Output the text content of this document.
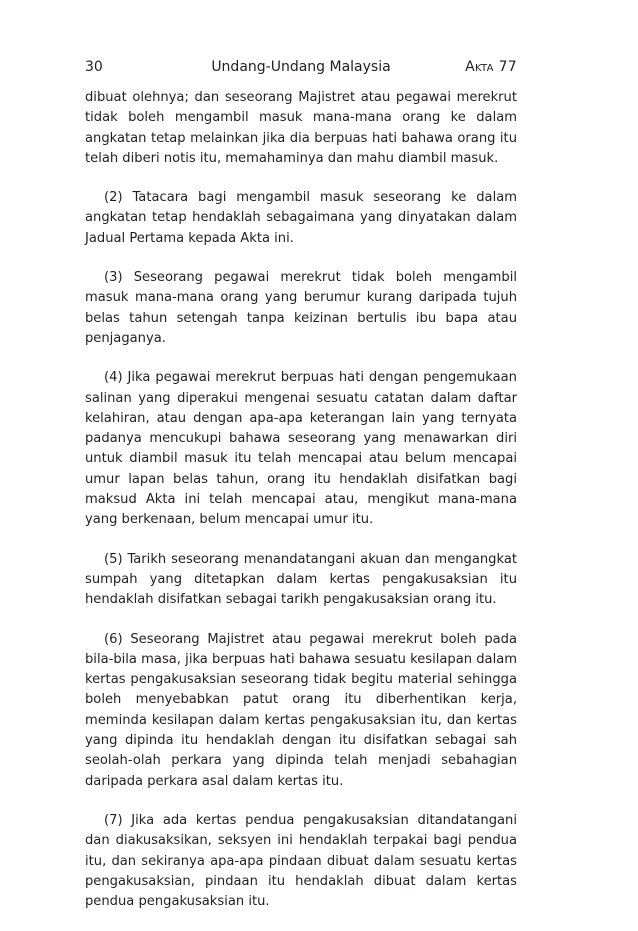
30	Undang-Undang Malaysia	Akta 77

dibuat olehnya; dan seseorang Majistret atau pegawai merekrut tidak boleh mengambil masuk mana-mana orang ke dalam angkatan tetap melainkan jika dia berpuas hati bahawa orang itu telah diberi notis itu, memahaminya dan mahu diambil masuk.

(2) Tatacara bagi mengambil masuk seseorang ke dalam angkatan tetap hendaklah sebagaimana yang dinyatakan dalam Jadual Pertama kepada Akta ini.

(3) Seseorang pegawai merekrut tidak boleh mengambil masuk mana-mana orang yang berumur kurang daripada tujuh belas tahun setengah tanpa keizinan bertulis ibu bapa atau penjaganya.

(4) Jika pegawai merekrut berpuas hati dengan pengemukaan salinan yang diperakui mengenai sesuatu catatan dalam daftar kelahiran, atau dengan apa-apa keterangan lain yang ternyata padanya mencukupi bahawa seseorang yang menawarkan diri untuk diambil masuk itu telah mencapai atau belum mencapai umur lapan belas tahun, orang itu hendaklah disifatkan bagi maksud Akta ini telah mencapai atau, mengikut mana-mana yang berkenaan, belum mencapai umur itu.

(5) Tarikh seseorang menandatangani akuan dan mengangkat sumpah yang ditetapkan dalam kertas pengakusaksian itu hendaklah disifatkan sebagai tarikh pengakusaksian orang itu.

(6) Seseorang Majistret atau pegawai merekrut boleh pada bila-bila masa, jika berpuas hati bahawa sesuatu kesilapan dalam kertas pengakusaksian seseorang tidak begitu material sehingga boleh menyebabkan patut orang itu diberhentikan kerja, meminda kesilapan dalam kertas pengakusaksian itu, dan kertas yang dipinda itu hendaklah dengan itu disifatkan sebagai sah seolah-olah perkara yang dipinda telah menjadi sebahagian daripada perkara asal dalam kertas itu.

(7) Jika ada kertas pendua pengakusaksian ditandatangani dan diakusaksikan, seksyen ini hendaklah terpakai bagi pendua itu, dan sekiranya apa-apa pindaan dibuat dalam sesuatu kertas pengakusaksian, pindaan itu hendaklah dibuat dalam kertas pendua pengakusaksian itu.
